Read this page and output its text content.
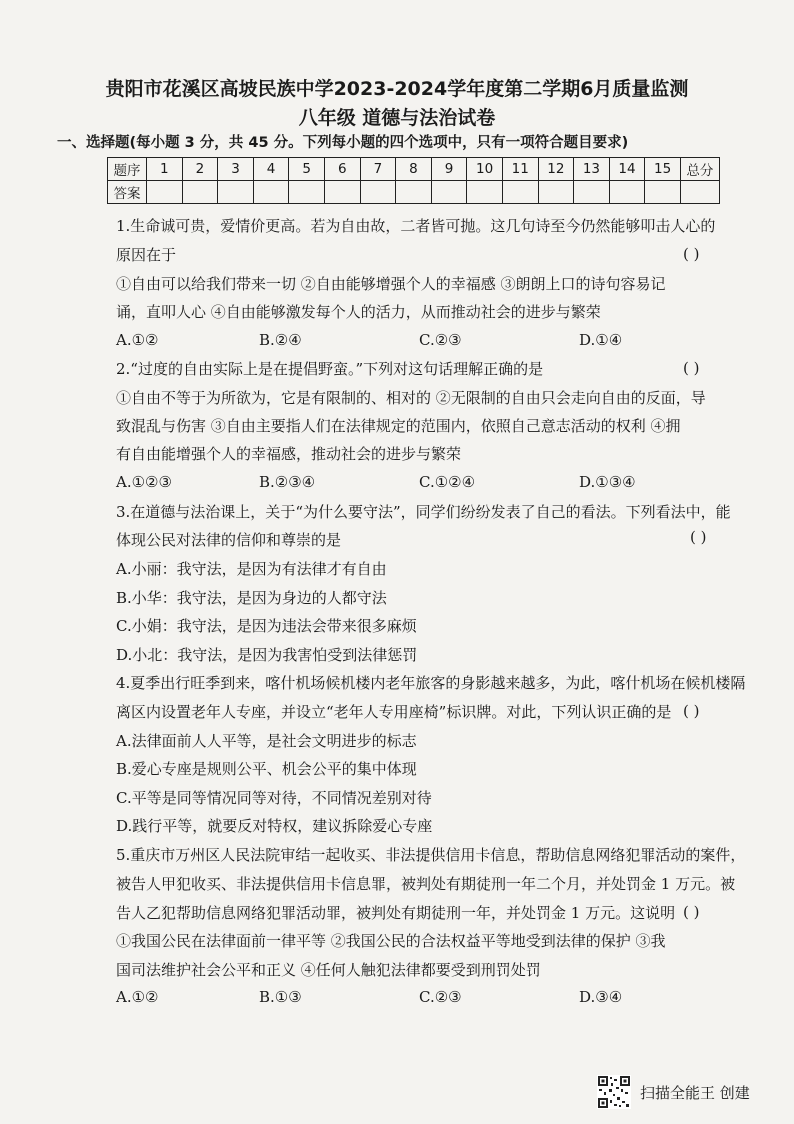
贵阳市花溪区高坡民族中学2023-2024学年度第二学期6月质量监测
八年级 道德与法治试卷
一、选择题(每小题 3 分，共 45 分。下列每小题的四个选项中，只有一项符合题目要求)
题序	1	2	3	4	5	6	7	8	9	10	11	12	13	14	15	总分
答案																
1.生命诚可贵，爱情价更高。若为自由故，二者皆可抛。这几句诗至今仍然能够叩击人心的
原因在于	( )
①自由可以给我们带来一切 ②自由能够增强个人的幸福感 ③朗朗上口的诗句容易记
诵，直叩人心 ④自由能够激发每个人的活力，从而推动社会的进步与繁荣
A.①②	B.②④	C.②③	D.①④
2.“过度的自由实际上是在提倡野蛮。”下列对这句话理解正确的是	( )
①自由不等于为所欲为，它是有限制的、相对的 ②无限制的自由只会走向自由的反面，导
致混乱与伤害 ③自由主要指人们在法律规定的范围内，依照自己意志活动的权利 ④拥
有自由能增强个人的幸福感，推动社会的进步与繁荣
A.①②③	B.②③④	C.①②④	D.①③④
3.在道德与法治课上，关于“为什么要守法”，同学们纷纷发表了自己的看法。下列看法中，能
体现公民对法律的信仰和尊崇的是	( )
A.小丽：我守法，是因为有法律才有自由
B.小华：我守法，是因为身边的人都守法
C.小娟：我守法，是因为违法会带来很多麻烦
D.小北：我守法，是因为我害怕受到法律惩罚
4.夏季出行旺季到来，喀什机场候机楼内老年旅客的身影越来越多，为此，喀什机场在候机楼隔
离区内设置老年人专座，并设立“老年人专用座椅”标识牌。对此，下列认识正确的是 ( )
A.法律面前人人平等，是社会文明进步的标志
B.爱心专座是规则公平、机会公平的集中体现
C.平等是同等情况同等对待，不同情况差别对待
D.践行平等，就要反对特权，建议拆除爱心专座
5.重庆市万州区人民法院审结一起收买、非法提供信用卡信息，帮助信息网络犯罪活动的案件，
被告人甲犯收买、非法提供信用卡信息罪，被判处有期徒刑一年二个月，并处罚金 1 万元。被
告人乙犯帮助信息网络犯罪活动罪，被判处有期徒刑一年，并处罚金 1 万元。这说明 ( )
①我国公民在法律面前一律平等 ②我国公民的合法权益平等地受到法律的保护 ③我
国司法维护社会公平和正义 ④任何人触犯法律都要受到刑罚处罚
A.①②	B.①③	C.②③	D.③④
扫描全能王 创建
